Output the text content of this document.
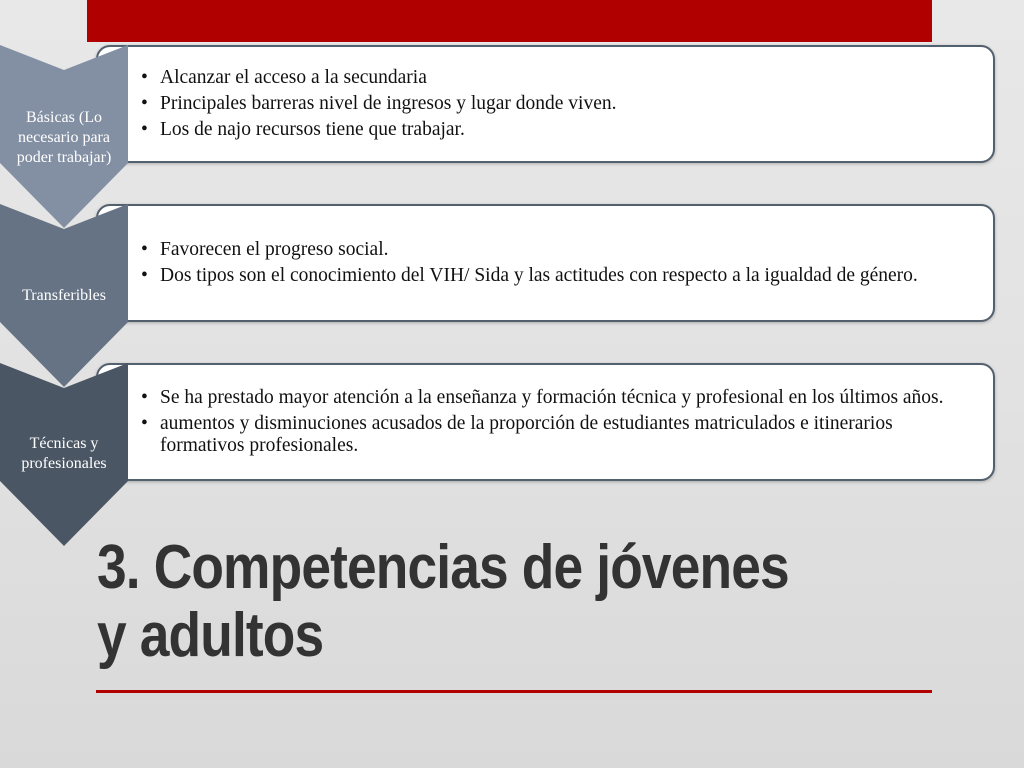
• Alcanzar el acceso a la secundaria
• Principales barreras nivel de ingresos y lugar donde viven.
• Los de najo recursos tiene que trabajar.
• Favorecen el progreso social.
• Dos tipos son el conocimiento del VIH/ Sida y las actitudes con respecto a la igualdad de género.
• Se ha prestado mayor atención a la enseñanza y formación técnica y profesional en los últimos años.
• aumentos y disminuciones acusados de la proporción de estudiantes matriculados e itinerarios formativos profesionales.
Básicas (Lo necesario para poder trabajar)
Transferibles
Técnicas y profesionales
3. Competencias de jóvenes
y adultos
